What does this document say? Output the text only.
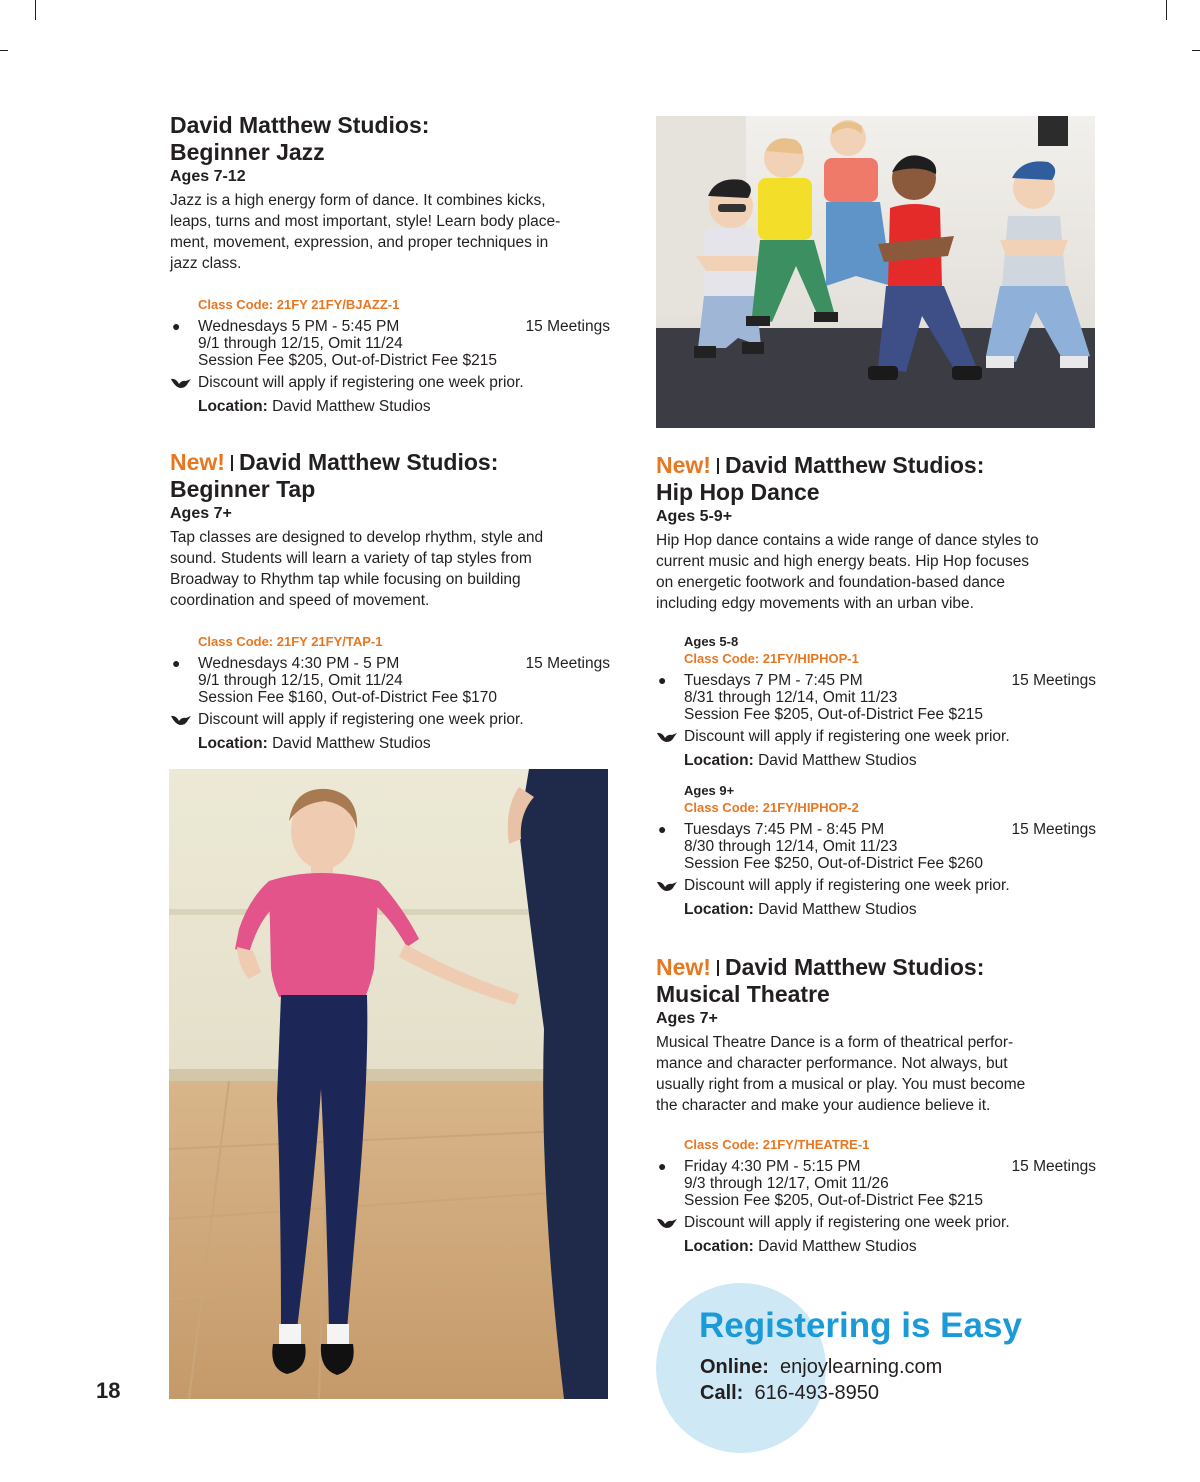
David Matthew Studios:
Beginner Jazz
Ages 7-12

Jazz is a high energy form of dance. It combines kicks,
leaps, turns and most important, style! Learn body place-
ment, movement, expression, and proper techniques in
jazz class.

Class Code: 21FY 21FY/BJAZZ-1
● Wednesdays 5 PM - 5:45 PM	15 Meetings
9/1 through 12/15, Omit 11/24
Session Fee $205, Out-of-District Fee $215
Discount will apply if registering one week prior.
Location: David Matthew Studios
New! David Matthew Studios:
Beginner Tap
Ages 7+

Tap classes are designed to develop rhythm, style and
sound. Students will learn a variety of tap styles from
Broadway to Rhythm tap while focusing on building
coordination and speed of movement.

Class Code: 21FY 21FY/TAP-1
● Wednesdays 4:30 PM - 5 PM	15 Meetings
9/1 through 12/15, Omit 11/24
Session Fee $160, Out-of-District Fee $170
Discount will apply if registering one week prior.
Location: David Matthew Studios
New! David Matthew Studios:
Hip Hop Dance
Ages 5-9+

Hip Hop dance contains a wide range of dance styles to
current music and high energy beats. Hip Hop focuses
on energetic footwork and foundation-based dance
including edgy movements with an urban vibe.

Ages 5-8
Class Code: 21FY/HIPHOP-1
● Tuesdays 7 PM - 7:45 PM	15 Meetings
8/31 through 12/14, Omit 11/23
Session Fee $205, Out-of-District Fee $215
Discount will apply if registering one week prior.
Location: David Matthew Studios
Ages 9+
Class Code: 21FY/HIPHOP-2
● Tuesdays 7:45 PM - 8:45 PM	15 Meetings
8/30 through 12/14, Omit 11/23
Session Fee $250, Out-of-District Fee $260
Discount will apply if registering one week prior.
Location: David Matthew Studios
New! David Matthew Studios:
Musical Theatre
Ages 7+

Musical Theatre Dance is a form of theatrical perfor-
mance and character performance. Not always, but
usually right from a musical or play. You must become
the character and make your audience believe it.

Class Code: 21FY/THEATRE-1
● Friday 4:30 PM - 5:15 PM	15 Meetings
9/3 through 12/17, Omit 11/26
Session Fee $205, Out-of-District Fee $215
Discount will apply if registering one week prior.
Location: David Matthew Studios
Registering is Easy
Online: enjoylearning.com
Call: 616-493-8950
18
